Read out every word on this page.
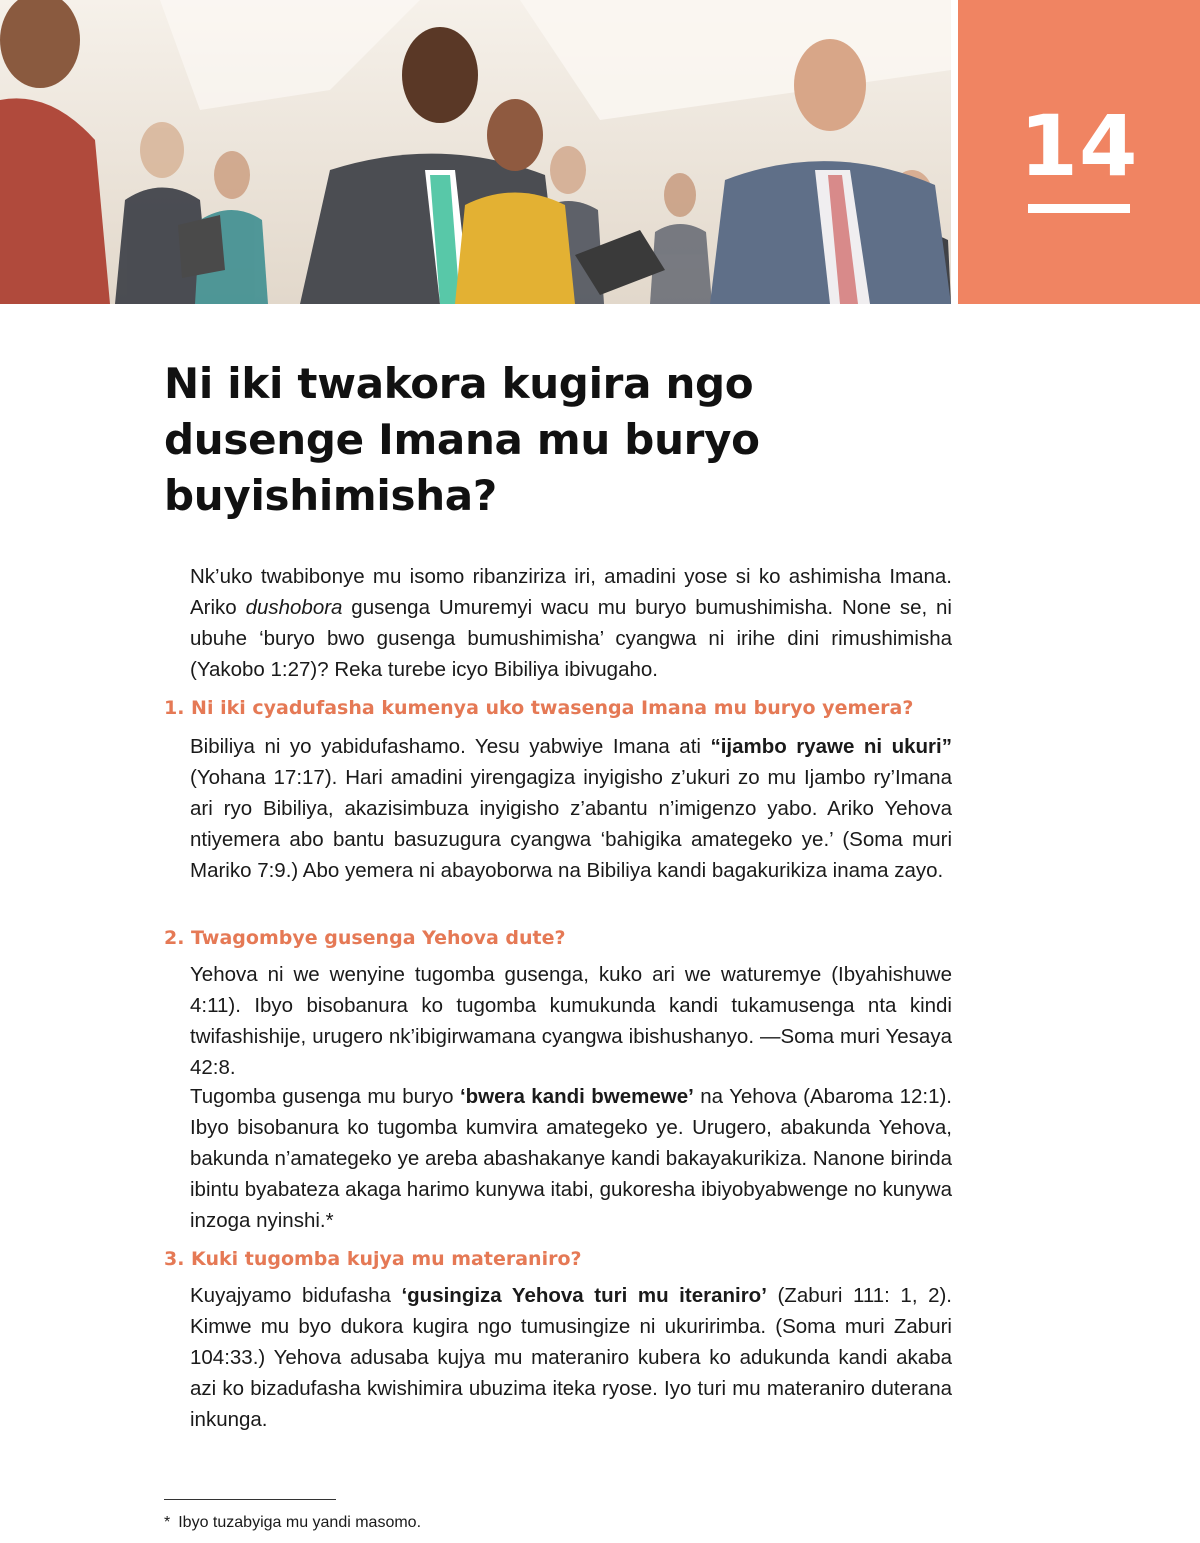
14
Ni iki twakora kugira ngo dusenge Imana mu buryo buyishimisha?

Nk’uko twabibonye mu isomo ribanziriza iri, amadini yose si ko ashimisha Imana. Ariko dushobora gusenga Umuremyi wacu mu buryo bumushimisha. None se, ni ubuhe ‘buryo bwo gusenga bumushimisha’ cyangwa ni irihe dini rimushimisha (Yakobo 1:27)? Reka turebe icyo Bibiliya ibivugaho.

1. Ni iki cyadufasha kumenya uko twasenga Imana mu buryo yemera?

Bibiliya ni yo yabidufashamo. Yesu yabwiye Imana ati “ijambo ryawe ni ukuri” (Yohana 17:17). Hari amadini yirengagiza inyigisho z’ukuri zo mu Ijambo ry’Imana ari ryo Bibiliya, akazisimbuza inyigisho z’abantu n’imigenzo yabo. Ariko Yehova ntiyemera abo bantu basuzugura cyangwa ‘bahigika amategeko ye.’ (Soma muri Mariko 7:9.) Abo yemera ni abayoborwa na Bibiliya kandi bagakurikiza inama zayo.

2. Twagombye gusenga Yehova dute?

Yehova ni we wenyine tugomba gusenga, kuko ari we waturemye (Ibyahishuwe 4:11). Ibyo bisobanura ko tugomba kumukunda kandi tukamusenga nta kindi twifashishije, urugero nk’ibigirwamana cyangwa ibishushanyo. —Soma muri Yesaya 42:8.

Tugomba gusenga mu buryo ‘bwera kandi bwemewe’ na Yehova (Abaroma 12:1). Ibyo bisobanura ko tugomba kumvira amategeko ye. Urugero, abakunda Yehova, bakunda n’amategeko ye areba abashakanye kandi bakayakurikiza. Nanone birinda ibintu byabateza akaga harimo kunywa itabi, gukoresha ibiyobyabwenge no kunywa inzoga nyinshi.*

3. Kuki tugomba kujya mu materaniro?

Kuyajyamo bidufasha ‘gusingiza Yehova turi mu iteraniro’ (Zaburi 111: 1, 2). Kimwe mu byo dukora kugira ngo tumusingize ni ukuririmba. (Soma muri Zaburi 104:33.) Yehova adusaba kujya mu materaniro kubera ko adukunda kandi akaba azi ko bizadufasha kwishimira ubuzima iteka ryose. Iyo turi mu materaniro duterana inkunga.

* Ibyo tuzabyiga mu yandi masomo.
